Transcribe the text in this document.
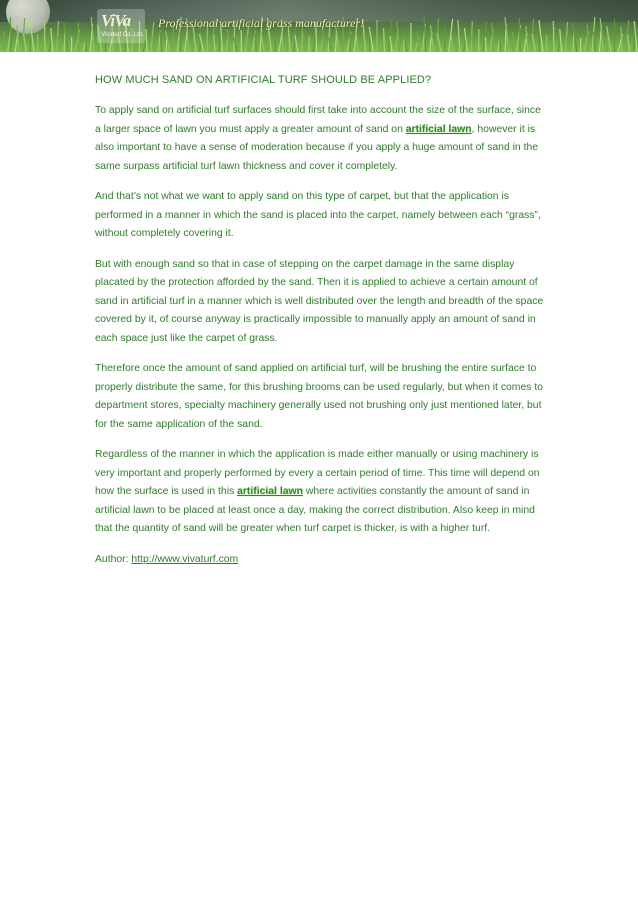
ViVa
Vivaturf Co.,Ltd.
Professional artificial grass manufacturer!
HOW MUCH SAND ON ARTIFICIAL TURF SHOULD BE APPLIED?

To apply sand on artificial turf surfaces should first take into account the size of the surface, since a larger space of lawn you must apply a greater amount of sand on artificial lawn, however it is also important to have a sense of moderation because if you apply a huge amount of sand in the same surpass artificial turf lawn thickness and cover it completely.

And that’s not what we want to apply sand on this type of carpet, but that the application is performed in a manner in which the sand is placed into the carpet, namely between each “grass”, without completely covering it.

But with enough sand so that in case of stepping on the carpet damage in the same display placated by the protection afforded by the sand. Then it is applied to achieve a certain amount of sand in artificial turf in a manner which is well distributed over the length and breadth of the space covered by it, of course anyway is practically impossible to manually apply an amount of sand in each space just like the carpet of grass.

Therefore once the amount of sand applied on artificial turf, will be brushing the entire surface to properly distribute the same, for this brushing brooms can be used regularly, but when it comes to department stores, specialty machinery generally used not brushing only just mentioned later, but for the same application of the sand.

Regardless of the manner in which the application is made either manually or using machinery is very important and properly performed by every a certain period of time. This time will depend on how the surface is used in this artificial lawn where activities constantly the amount of sand in artificial lawn to be placed at least once a day, making the correct distribution. Also keep in mind that the quantity of sand will be greater when turf carpet is thicker, is with a higher turf.

Author: http://www.vivaturf.com
